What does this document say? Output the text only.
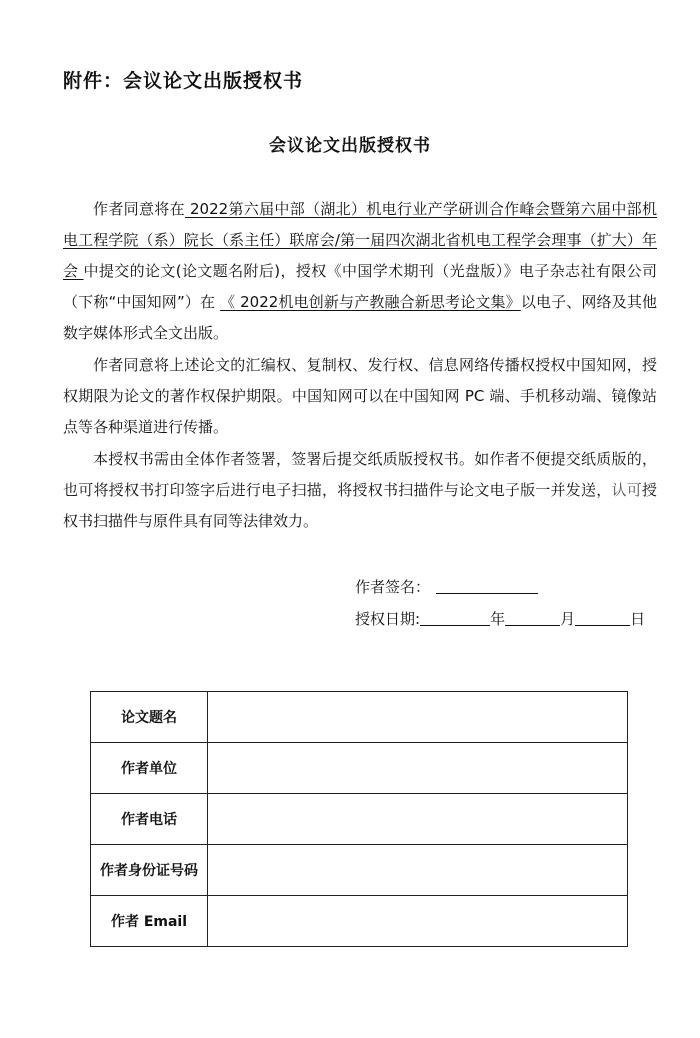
附件：会议论文出版授权书
会议论文出版授权书

作者同意将在 2022第六届中部（湖北）机电行业产学研训合作峰会暨第六届中部机电工程学院（系）院长（系主任）联席会/第一届四次湖北省机电工程学会理事（扩大）年会 中提交的论文(论文题名附后)，授权《中国学术期刊（光盘版）》电子杂志社有限公司（下称“中国知网”）在 《 2022机电创新与产教融合新思考论文集》以电子、网络及其他数字媒体形式全文出版。

作者同意将上述论文的汇编权、复制权、发行权、信息网络传播权授权中国知网，授权期限为论文的著作权保护期限。中国知网可以在中国知网 PC 端、手机移动端、镜像站点等各种渠道进行传播。

本授权书需由全体作者签署，签署后提交纸质版授权书。如作者不便提交纸质版的，也可将授权书打印签字后进行电子扫描，将授权书扫描件与论文电子版一并发送，认可授权书扫描件与原件具有同等法律效力。

作者签名：
授权日期:	年	月	日
论文题名	
作者单位	
作者电话	
作者身份证号码	
作者 Email	
